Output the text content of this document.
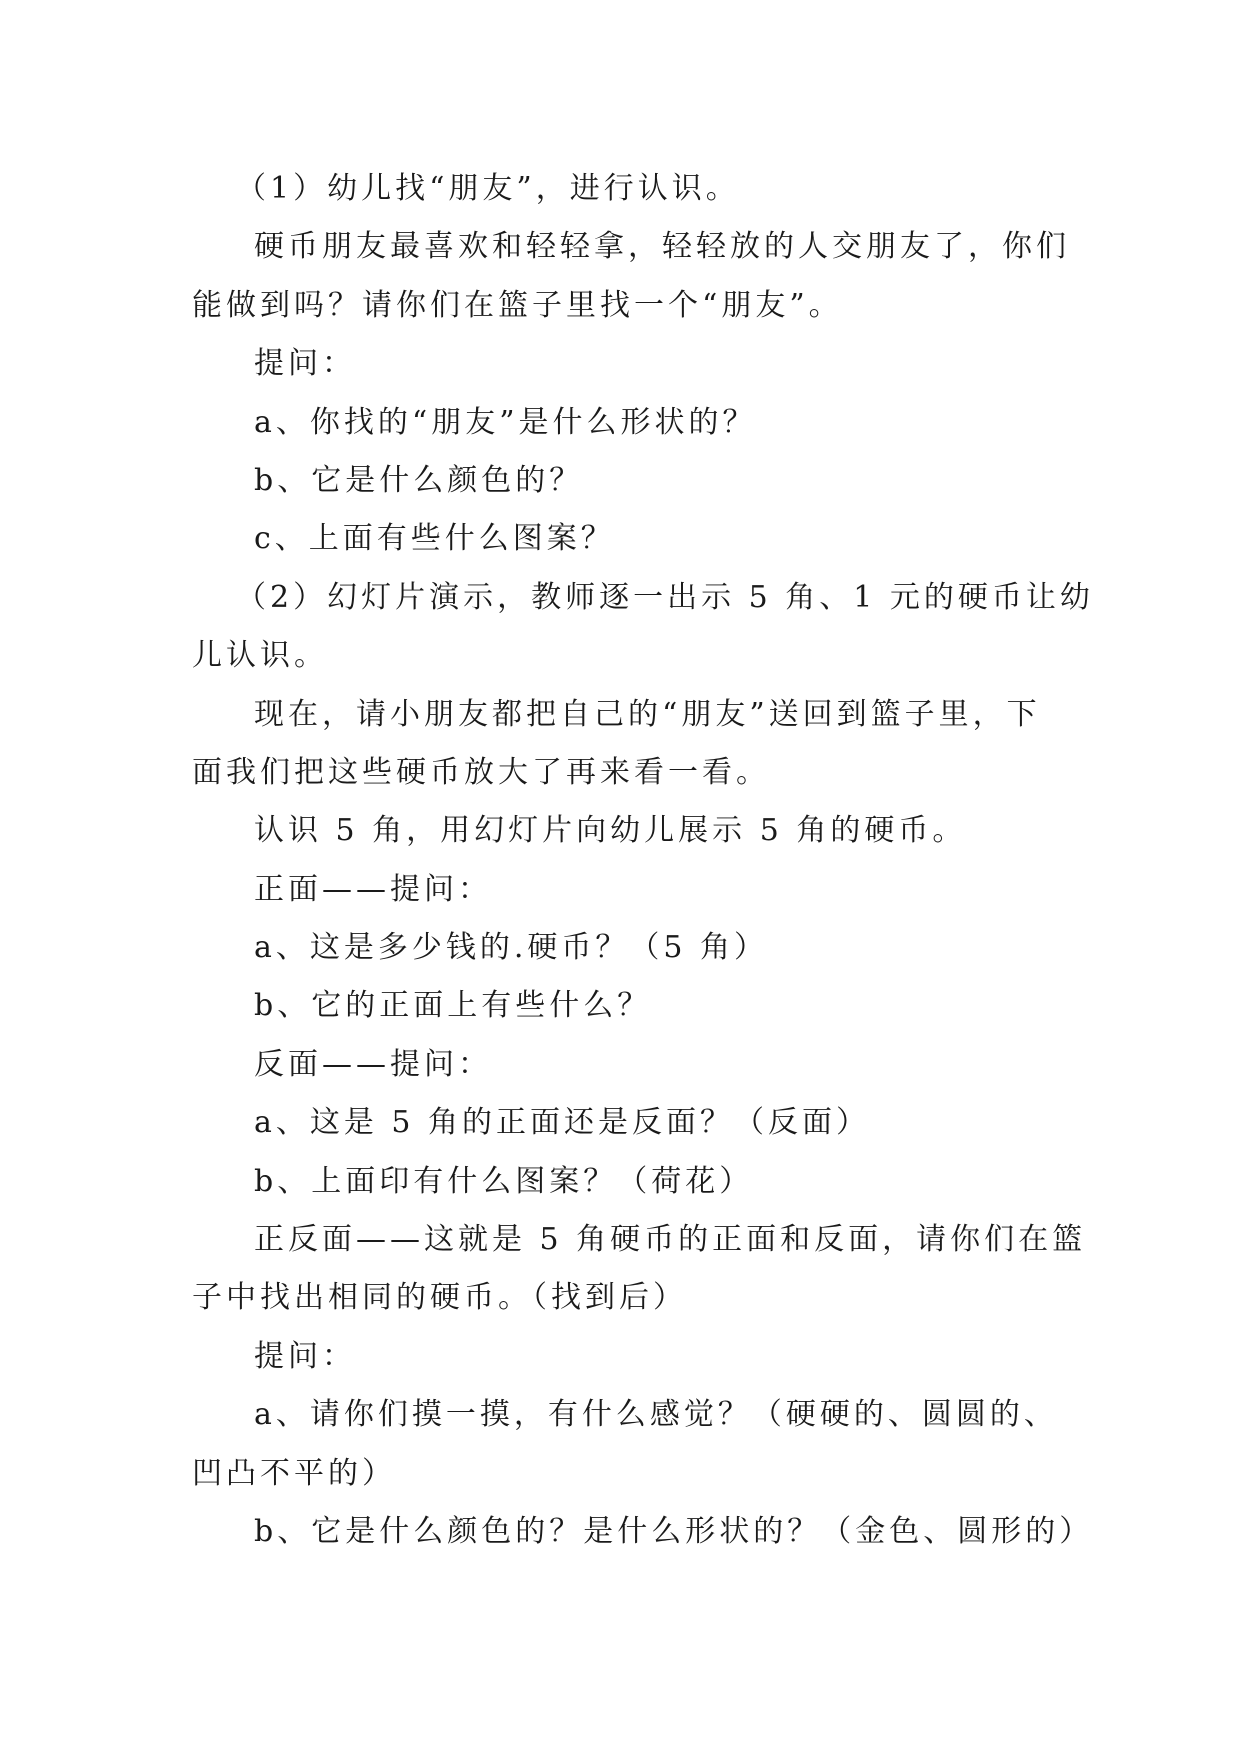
（1）幼儿找“朋友”，进行认识。
硬币朋友最喜欢和轻轻拿，轻轻放的人交朋友了，你们
能做到吗？请你们在篮子里找一个“朋友”。
提问：
a、你找的“朋友”是什么形状的？
b、它是什么颜色的？
c、上面有些什么图案？
（2）幻灯片演示，教师逐一出示 5 角、1 元的硬币让幼
儿认识。
现在，请小朋友都把自己的“朋友”送回到篮子里，下
面我们把这些硬币放大了再来看一看。
认识 5 角，用幻灯片向幼儿展示 5 角的硬币。
正面——提问：
a、这是多少钱的.硬币？（5 角）
b、它的正面上有些什么？
反面——提问：
a、这是 5 角的正面还是反面？（反面）
b、上面印有什么图案？（荷花）
正反面——这就是 5 角硬币的正面和反面，请你们在篮
子中找出相同的硬币。（找到后）
提问：
a、请你们摸一摸，有什么感觉？（硬硬的、圆圆的、
凹凸不平的）
b、它是什么颜色的？是什么形状的？（金色、圆形的）
